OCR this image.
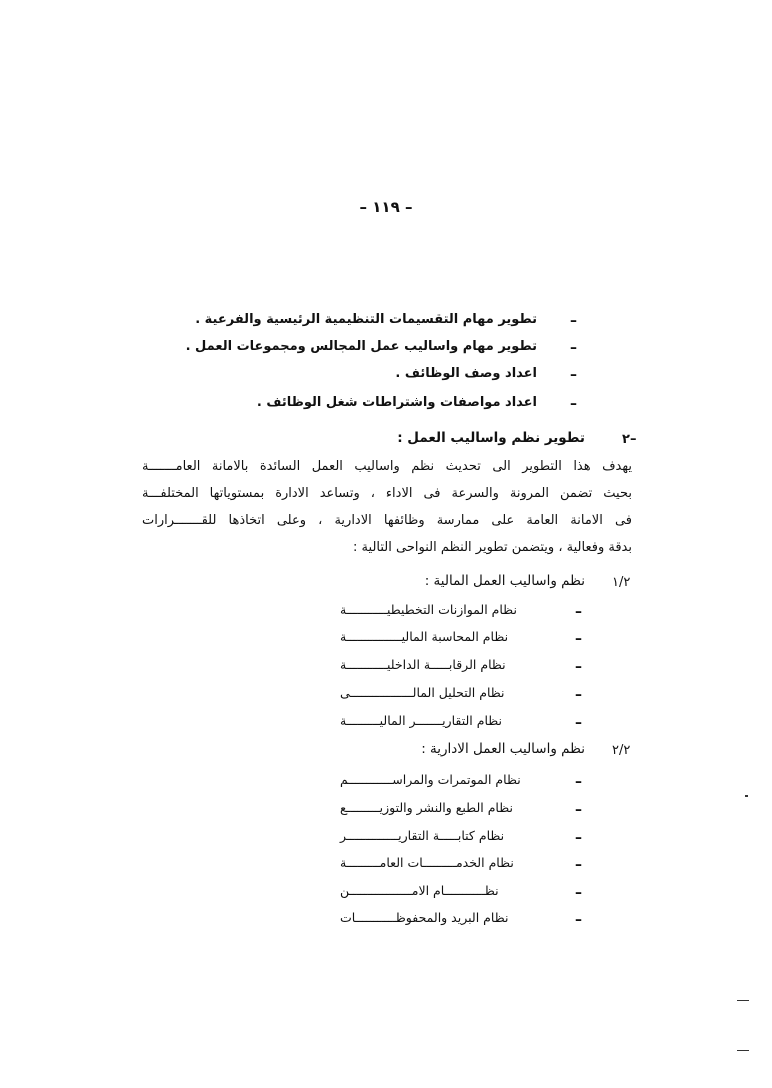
– ١١٩ –
–
تطوير مهام التقسيمات التنظيمية الرئيسية والفرعية .
–
تطوير مهام واساليب عمل المجالس ومجموعات العمل .
–
اعداد وصف الوظائف .
–
اعداد مواصفات واشتراطات شغل الوظائف .
٢–
تطوير نظم واساليب العمل :
يهدف هذا التطوير الى تحديث نظم واساليب العمل السائدة بالامانة العامـــــــة
بحيث تضمن المرونة والسرعة فى الاداء ، وتساعد الادارة بمستوياتها المختلفـــة
فى الامانة العامة على ممارسة وظائفها الادارية ، وعلى اتخاذها للقـــــــرارات
بدقة وفعالية ، ويتضمن تطوير النظم النواحى التالية :
١/٢
نظم واساليب العمل المالية :
–
نظام الموازنات التخطيطيـــــــــــة
–
نظام المحاسبة الماليـــــــــــــــة
–
نظام الرقابـــــة الداخليـــــــــــة
–
نظام التحليل المالـــــــــــــــــى
–
نظام التقاريـــــــر الماليـــــــــة
٢/٢
نظم واساليب العمل الادارية :
–
نظام الموتمرات والمراســــــــــــم
–
نظام الطبع والنشر والتوزيـــــــــع
–
نظام كتابـــــة التقاريــــــــــــــر
–
نظام الخدمـــــــــات العامـــــــــة
–
نظـــــــــــام الامـــــــــــــــــن
–
نظام البريد والمحفوظـــــــــــات
